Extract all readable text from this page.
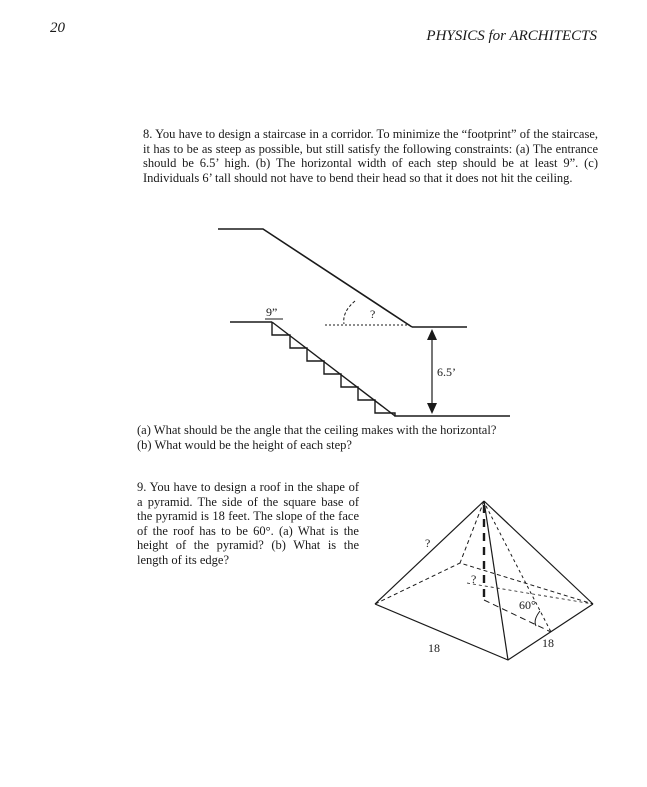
20	PHYSICS for ARCHITECTS

8. You have to design a staircase in a corridor. To minimize the “footprint” of the staircase, it has to be as steep as possible, but still satisfy the following constraints: (a) The entrance should be 6.5’ high. (b) The horizontal width of each step should be at least 9”. (c) Individuals 6’ tall should not have to bend their head so that it does not hit the ceiling.

9”	?
6.5’
(a) What should be the angle that the ceiling makes with the horizontal?
(b) What would be the height of each step?

9. You have to design a roof in the shape of a pyramid. The side of the square base of the pyramid is 18 feet. The slope of the face of the roof has to be 60°. (a) What is the height of the pyramid? (b) What is the length of its edge?

?
?
60°
18	18
